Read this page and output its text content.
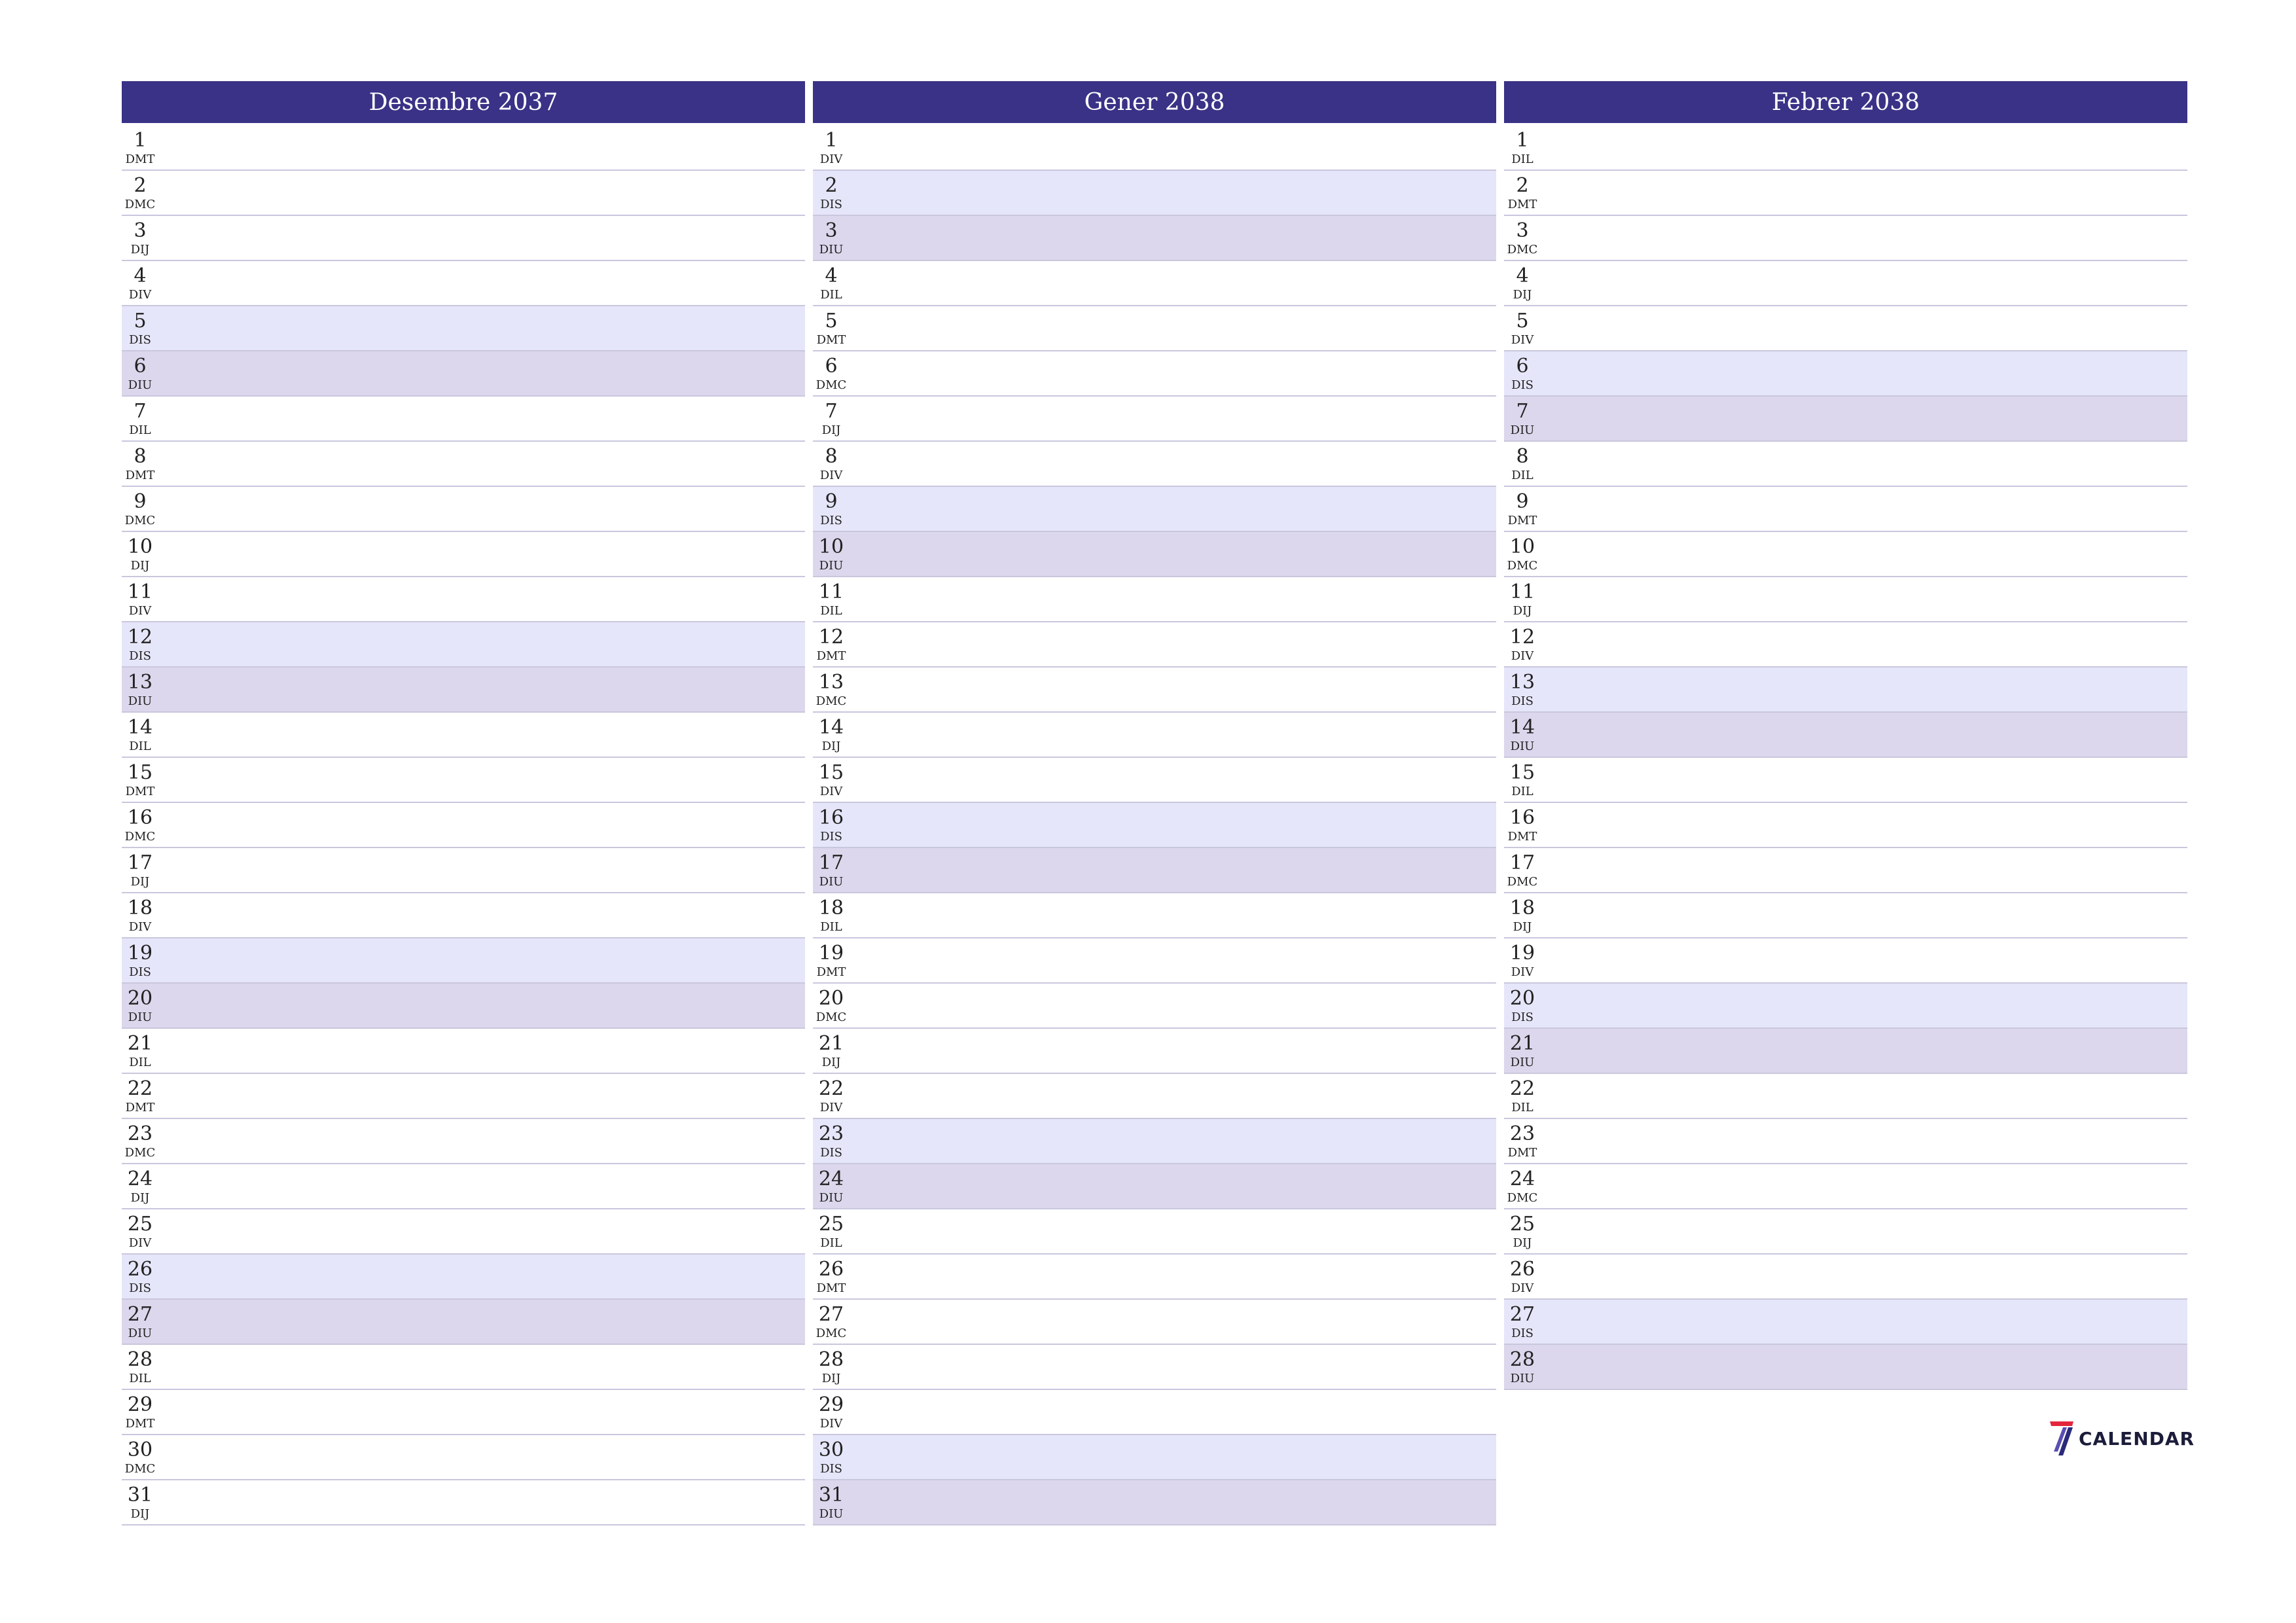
Desembre 2037
1
DMT
2
DMC
3
DIJ
4
DIV
5
DIS
6
DIU
7
DIL
8
DMT
9
DMC
10
DIJ
11
DIV
12
DIS
13
DIU
14
DIL
15
DMT
16
DMC
17
DIJ
18
DIV
19
DIS
20
DIU
21
DIL
22
DMT
23
DMC
24
DIJ
25
DIV
26
DIS
27
DIU
28
DIL
29
DMT
30
DMC
31
DIJ
Gener 2038
1
DIV
2
DIS
3
DIU
4
DIL
5
DMT
6
DMC
7
DIJ
8
DIV
9
DIS
10
DIU
11
DIL
12
DMT
13
DMC
14
DIJ
15
DIV
16
DIS
17
DIU
18
DIL
19
DMT
20
DMC
21
DIJ
22
DIV
23
DIS
24
DIU
25
DIL
26
DMT
27
DMC
28
DIJ
29
DIV
30
DIS
31
DIU
Febrer 2038
1
DIL
2
DMT
3
DMC
4
DIJ
5
DIV
6
DIS
7
DIU
8
DIL
9
DMT
10
DMC
11
DIJ
12
DIV
13
DIS
14
DIU
15
DIL
16
DMT
17
DMC
18
DIJ
19
DIV
20
DIS
21
DIU
22
DIL
23
DMT
24
DMC
25
DIJ
26
DIV
27
DIS
28
DIU
CALENDAR
